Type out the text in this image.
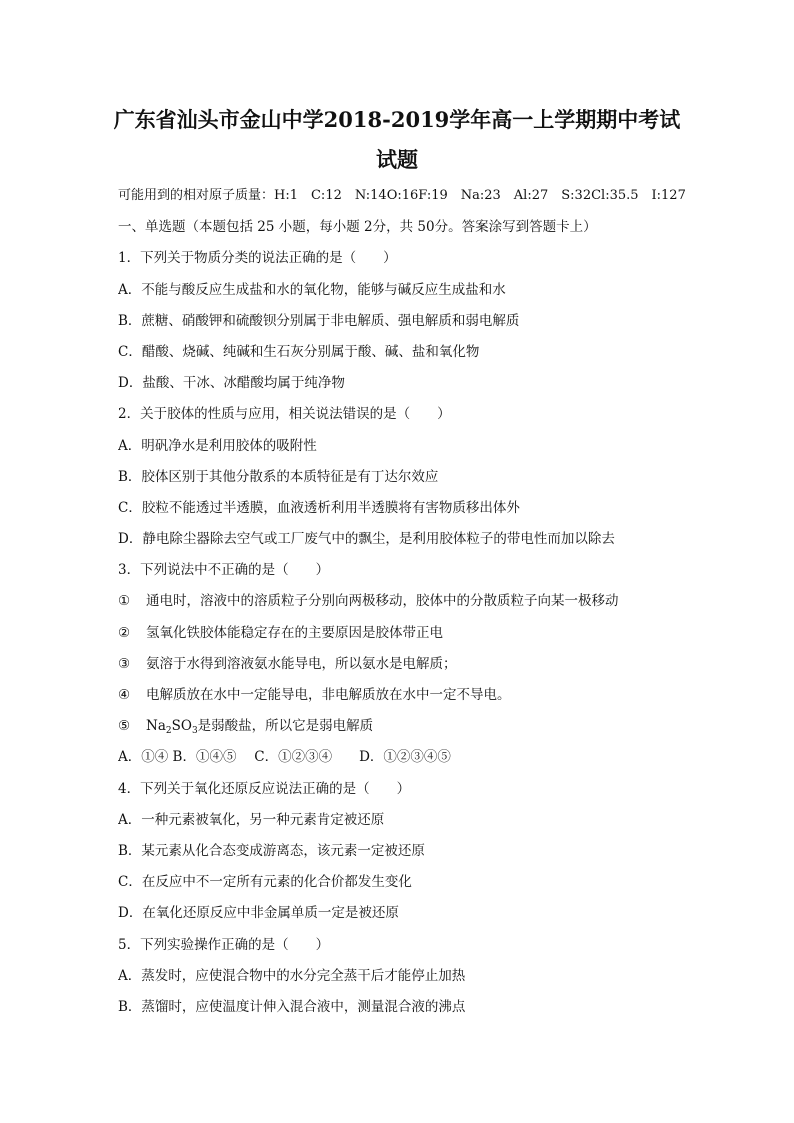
广东省汕头市金山中学2018-2019学年高一上学期期中考试
试题
可能用到的相对原子质量：H:1　C:12　N:14O:16F:19　Na:23　Al:27　S:32Cl:35.5　I:127
一、单选题（本题包括 25 小题，每小题 2分，共 50分。答案涂写到答题卡上）
1．下列关于物质分类的说法正确的是（　　）
A．不能与酸反应生成盐和水的氧化物，能够与碱反应生成盐和水
B．蔗糖、硝酸钾和硫酸钡分别属于非电解质、强电解质和弱电解质
C．醋酸、烧碱、纯碱和生石灰分别属于酸、碱、盐和氧化物
D．盐酸、干冰、冰醋酸均属于纯净物
2．关于胶体的性质与应用，相关说法错误的是（　　）
A．明矾净水是利用胶体的吸附性
B．胶体区别于其他分散系的本质特征是有丁达尔效应
C．胶粒不能透过半透膜，血液透析利用半透膜将有害物质移出体外
D．静电除尘器除去空气或工厂废气中的飘尘，是利用胶体粒子的带电性而加以除去
3．下列说法中不正确的是（　　）
① 通电时，溶液中的溶质粒子分别向两极移动，胶体中的分散质粒子向某一极移动
② 氢氧化铁胶体能稳定存在的主要原因是胶体带正电
③ 氨溶于水得到溶液氨水能导电，所以氨水是电解质；
④ 电解质放在水中一定能导电，非电解质放在水中一定不导电。
⑤ $Na_2SO_3$是弱酸盐，所以它是弱电解质
A．①④ B．①④⑤　 C．①②③④　　D．①②③④⑤
4．下列关于氧化还原反应说法正确的是（　　）
A．一种元素被氧化，另一种元素肯定被还原
B．某元素从化合态变成游离态，该元素一定被还原
C．在反应中不一定所有元素的化合价都发生变化
D．在氧化还原反应中非金属单质一定是被还原
5．下列实验操作正确的是（　　）
A．蒸发时，应使混合物中的水分完全蒸干后才能停止加热
B．蒸馏时，应使温度计伸入混合液中，测量混合液的沸点
